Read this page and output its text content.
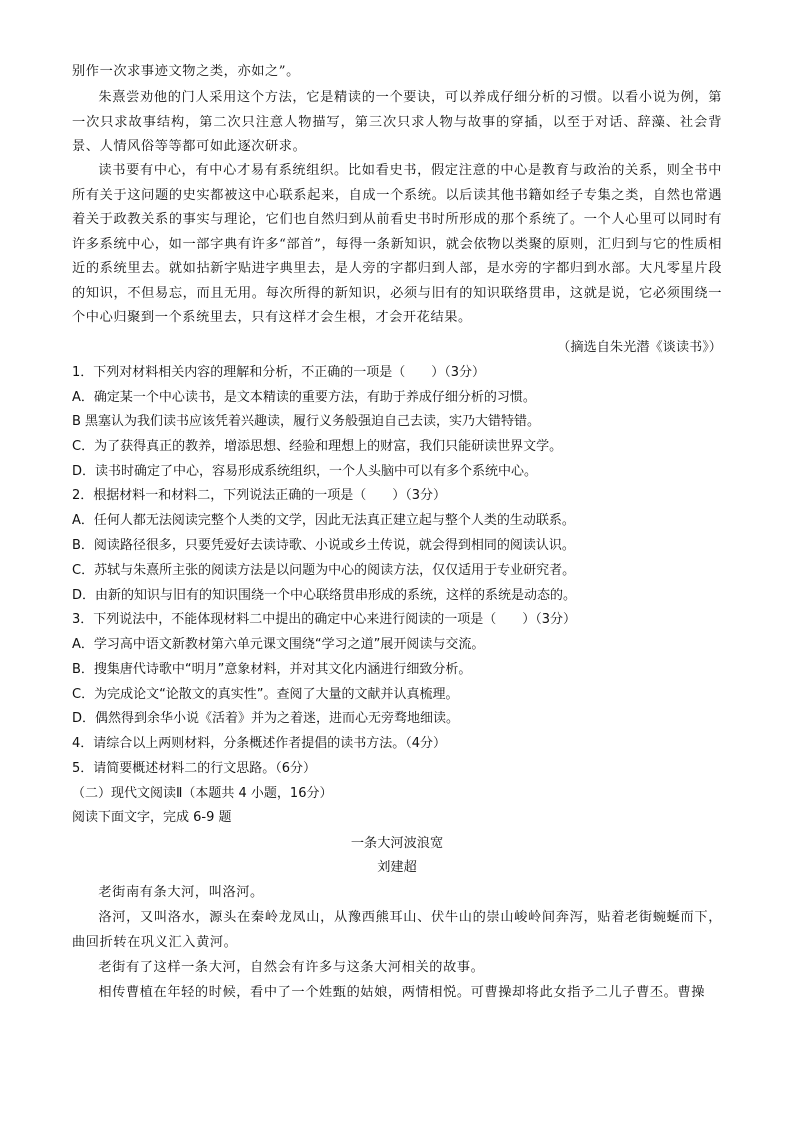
别作一次求事迹文物之类，亦如之”。
朱熹尝劝他的门人采用这个方法，它是精读的一个要诀，可以养成仔细分析的习惯。以看小说为例，第一次只求故事结构，第二次只注意人物描写，第三次只求人物与故事的穿插，以至于对话、辞藻、社会背景、人情风俗等等都可如此逐次研求。
读书要有中心，有中心才易有系统组织。比如看史书，假定注意的中心是教育与政治的关系，则全书中所有关于这问题的史实都被这中心联系起来，自成一个系统。以后读其他书籍如经子专集之类，自然也常遇着关于政教关系的事实与理论，它们也自然归到从前看史书时所形成的那个系统了。一个人心里可以同时有许多系统中心，如一部字典有许多“部首”，每得一条新知识，就会依物以类聚的原则，汇归到与它的性质相近的系统里去。就如拈新字贴进字典里去，是人旁的字都归到人部，是水旁的字都归到水部。大凡零星片段的知识，不但易忘，而且无用。每次所得的新知识，必须与旧有的知识联络贯串，这就是说，它必须围绕一个中心归聚到一个系统里去，只有这样才会生根，才会开花结果。
（摘选自朱光潜《谈读书》）
1．下列对材料相关内容的理解和分析，不正确的一项是（　　）（3分）
A．确定某一个中心读书，是文本精读的重要方法，有助于养成仔细分析的习惯。
B 黑塞认为我们读书应该凭着兴趣读，履行义务般强迫自己去读，实乃大错特错。
C．为了获得真正的教养，增添思想、经验和理想上的财富，我们只能研读世界文学。
D．读书时确定了中心，容易形成系统组织，一个人头脑中可以有多个系统中心。
2．根据材料一和材料二，下列说法正确的一项是（　　）（3分）
A．任何人都无法阅读完整个人类的文学，因此无法真正建立起与整个人类的生动联系。
B．阅读路径很多，只要凭爱好去读诗歌、小说或乡土传说，就会得到相同的阅读认识。
C．苏轼与朱熹所主张的阅读方法是以问题为中心的阅读方法，仅仅适用于专业研究者。
D．由新的知识与旧有的知识围绕一个中心联络贯串形成的系统，这样的系统是动态的。
3．下列说法中，不能体现材料二中提出的确定中心来进行阅读的一项是（　　）（3分）
A．学习高中语文新教材第六单元课文围绕“学习之道”展开阅读与交流。
B．搜集唐代诗歌中“明月”意象材料，并对其文化内涵进行细致分析。
C．为完成论文“论散文的真实性”。查阅了大量的文献并认真梳理。
D．偶然得到余华小说《活着》并为之着迷，进而心无旁骛地细读。
4．请综合以上两则材料，分条概述作者提倡的读书方法。（4分）
5．请简要概述材料二的行文思路。（6分）
（二）现代文阅读Ⅱ（本题共 4 小题，16分）
阅读下面文字，完成 6-9 题
一条大河波浪宽
刘建超
老街南有条大河，叫洛河。
洛河，又叫洛水，源头在秦岭龙凤山，从豫西熊耳山、伏牛山的崇山峻岭间奔泻，贴着老街蜿蜒而下，曲回折转在巩义汇入黄河。
老街有了这样一条大河，自然会有许多与这条大河相关的故事。
相传曹植在年轻的时候，看中了一个姓甄的姑娘，两情相悦。可曹操却将此女指予二儿子曹丕。曹操
